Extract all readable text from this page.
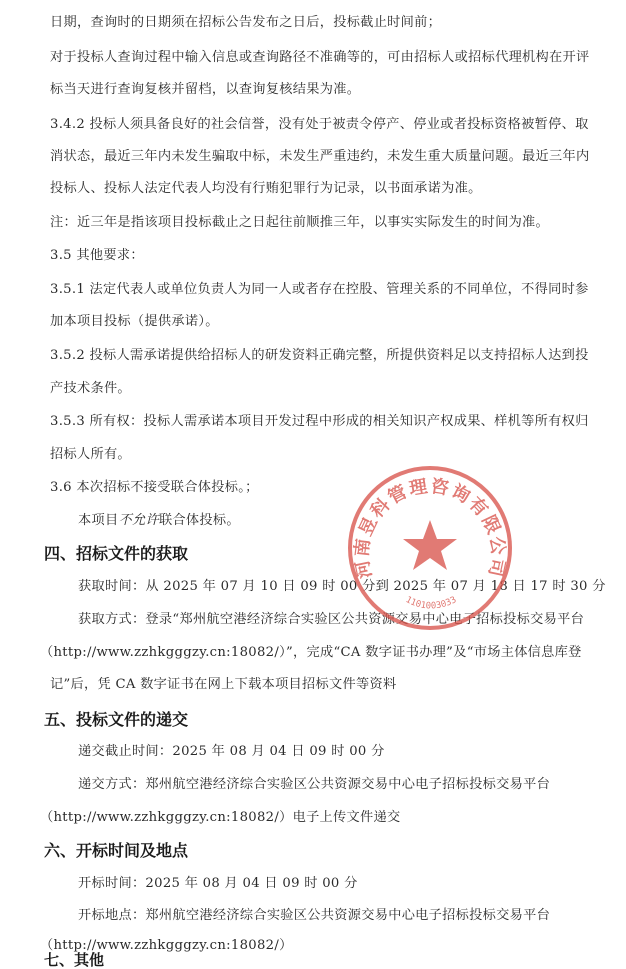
日期，查询时的日期须在招标公告发布之日后，投标截止时间前；
对于投标人查询过程中输入信息或查询路径不准确等的，可由招标人或招标代理机构在开评
标当天进行查询复核并留档，以查询复核结果为准。
3.4.2 投标人须具备良好的社会信誉，没有处于被责令停产、停业或者投标资格被暂停、取
消状态，最近三年内未发生骗取中标，未发生严重违约，未发生重大质量问题。最近三年内
投标人、投标人法定代表人均没有行贿犯罪行为记录，以书面承诺为准。
注：近三年是指该项目投标截止之日起往前顺推三年，以事实实际发生的时间为准。
3.5 其他要求：
3.5.1 法定代表人或单位负责人为同一人或者存在控股、管理关系的不同单位，不得同时参
加本项目投标（提供承诺）。
3.5.2 投标人需承诺提供给招标人的研发资料正确完整，所提供资料足以支持招标人达到投
产技术条件。
3.5.3 所有权：投标人需承诺本项目开发过程中形成的相关知识产权成果、样机等所有权归
招标人所有。
3.6 本次招标不接受联合体投标。；
本项目不允许联合体投标。
四、招标文件的获取
获取时间：从 2025 年 07 月 10 日 09 时 00 分到 2025 年 07 月 18 日 17 时 30 分
获取方式：登录“郑州航空港经济综合实验区公共资源交易中心电子招标投标交易平台
（http://www.zzhkgggzy.cn:18082/）”，完成“CA 数字证书办理”及“市场主体信息库登
记”后，凭 CA 数字证书在网上下载本项目招标文件等资料
五、投标文件的递交
递交截止时间：2025 年 08 月 04 日 09 时 00 分
递交方式：郑州航空港经济综合实验区公共资源交易中心电子招标投标交易平台
（http://www.zzhkgggzy.cn:18082/）电子上传文件递交
六、开标时间及地点
开标时间：2025 年 08 月 04 日 09 时 00 分
开标地点：郑州航空港经济综合实验区公共资源交易中心电子招标投标交易平台
（http://www.zzhkgggzy.cn:18082/）
七、其他
河南昱科管理咨询有限公司
1101003033
